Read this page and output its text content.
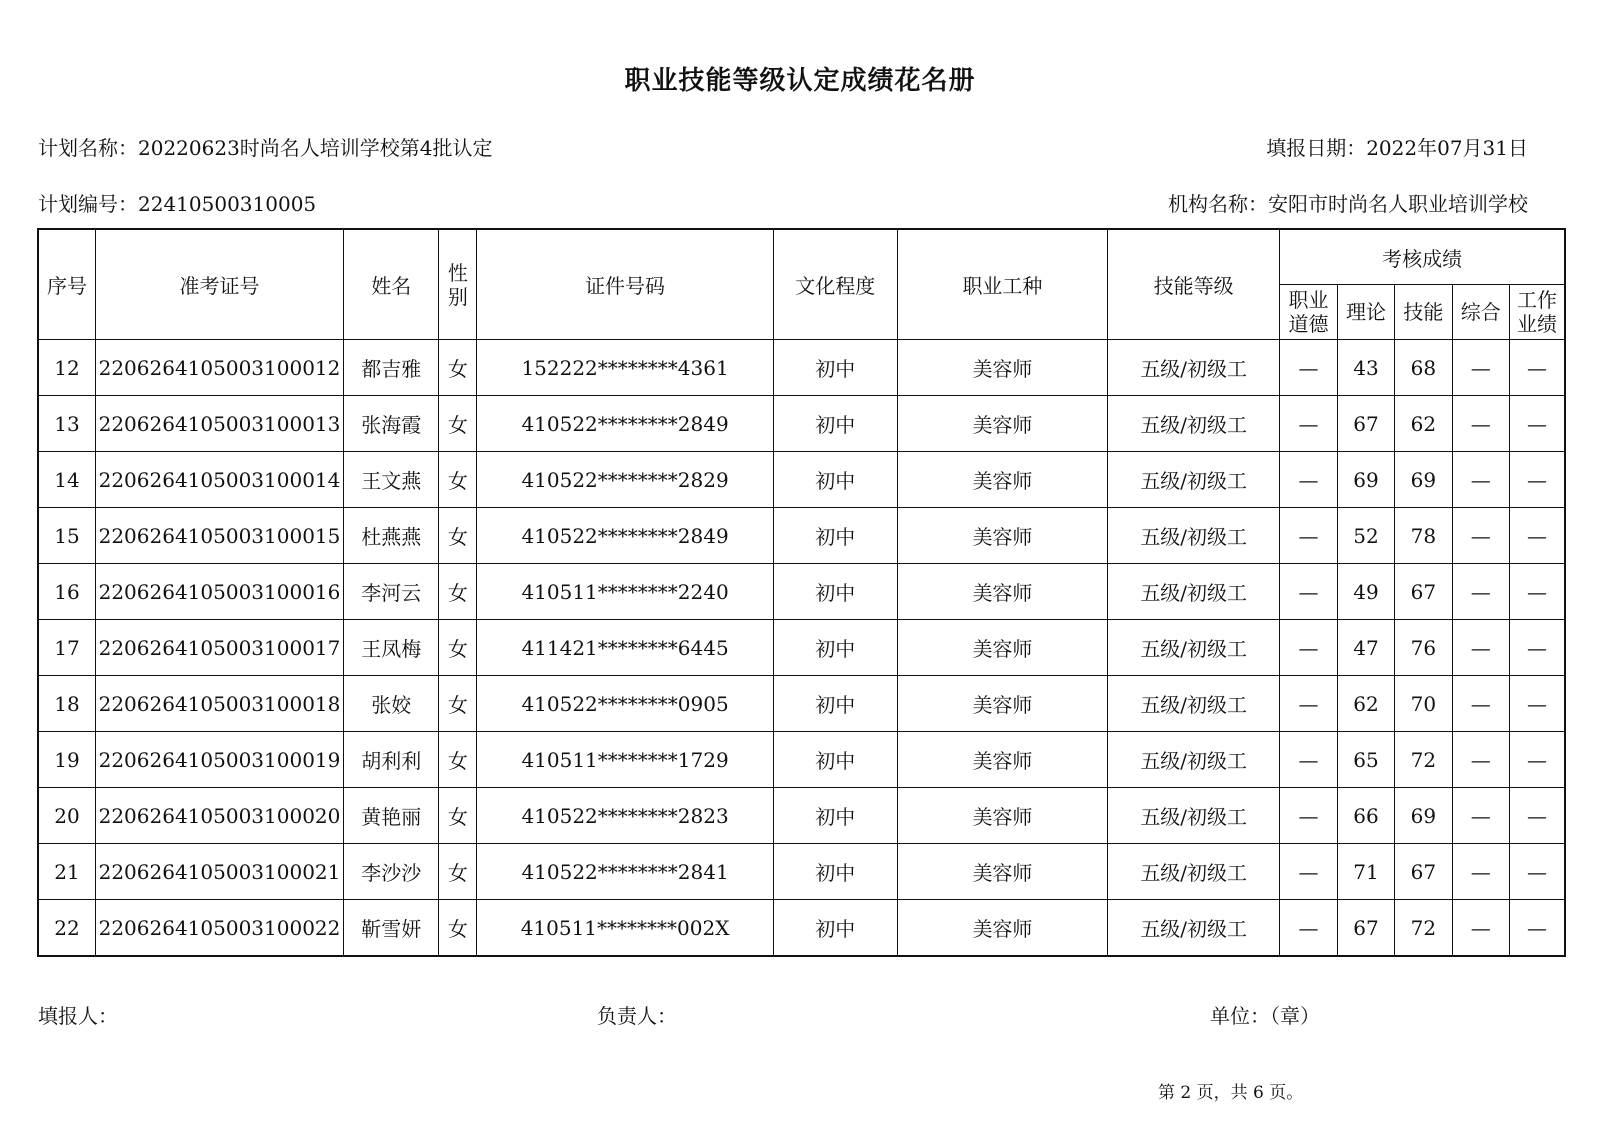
职业技能等级认定成绩花名册
计划名称：20220623时尚名人培训学校第4批认定	填报日期：2022年07月31日
计划编号：22410500310005	机构名称：安阳市时尚名人职业培训学校
序号	准考证号	姓名	性别	证件号码	文化程度	职业工种	技能等级	考核成绩				
								职业道德	理论	技能	综合	工作业绩
12	2206264105003100012	都吉雅	女	152222********4361	初中	美容师	五级/初级工	—	43	68	—	—
13	2206264105003100013	张海霞	女	410522********2849	初中	美容师	五级/初级工	—	67	62	—	—
14	2206264105003100014	王文燕	女	410522********2829	初中	美容师	五级/初级工	—	69	69	—	—
15	2206264105003100015	杜燕燕	女	410522********2849	初中	美容师	五级/初级工	—	52	78	—	—
16	2206264105003100016	李河云	女	410511********2240	初中	美容师	五级/初级工	—	49	67	—	—
17	2206264105003100017	王凤梅	女	411421********6445	初中	美容师	五级/初级工	—	47	76	—	—
18	2206264105003100018	张姣	女	410522********0905	初中	美容师	五级/初级工	—	62	70	—	—
19	2206264105003100019	胡利利	女	410511********1729	初中	美容师	五级/初级工	—	65	72	—	—
20	2206264105003100020	黄艳丽	女	410522********2823	初中	美容师	五级/初级工	—	66	69	—	—
21	2206264105003100021	李沙沙	女	410522********2841	初中	美容师	五级/初级工	—	71	67	—	—
22	2206264105003100022	靳雪妍	女	410511********002X	初中	美容师	五级/初级工	—	67	72	—	—
填报人：	负责人：	单位：（章）
第 2 页，共 6 页。
